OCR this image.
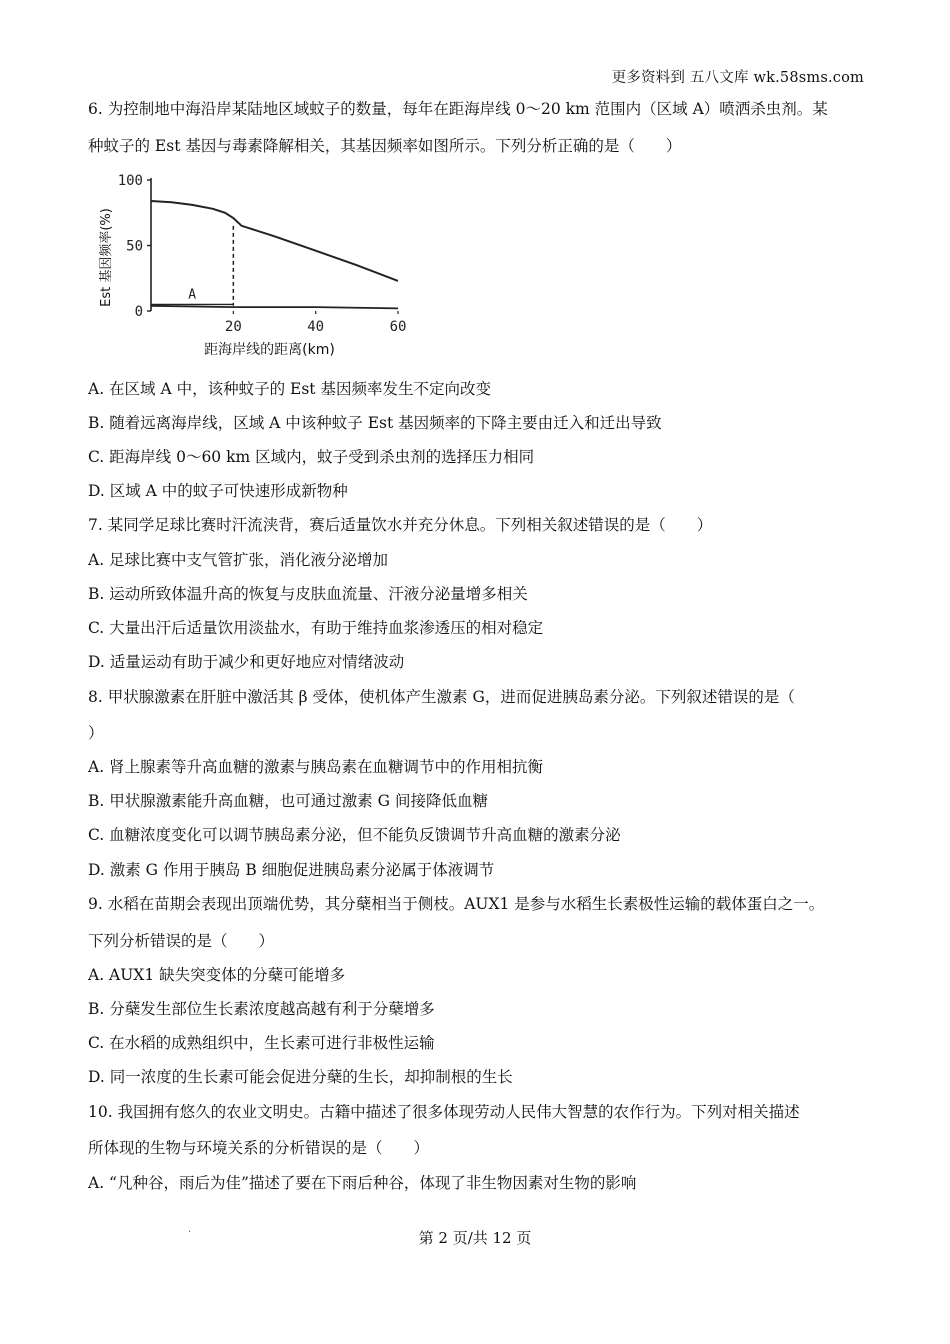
更多资料到 五八文库 wk.58sms.com
6. 为控制地中海沿岸某陆地区域蚊子的数量，每年在距海岸线 0～20 km 范围内（区域 A）喷洒杀虫剂。某
种蚊子的 Est 基因与毒素降解相关，其基因频率如图所示。下列分析正确的是（　　）
0
50
100
20	40	60
A
距海岸线的距离(km)
Est 基因频率(%)
A. 在区域 A 中，该种蚊子的 Est 基因频率发生不定向改变
B. 随着远离海岸线，区域 A 中该种蚊子 Est 基因频率的下降主要由迁入和迁出导致
C. 距海岸线 0～60 km 区域内，蚊子受到杀虫剂的选择压力相同
D. 区域 A 中的蚊子可快速形成新物种
7. 某同学足球比赛时汗流浃背，赛后适量饮水并充分休息。下列相关叙述错误的是（　　）
A. 足球比赛中支气管扩张，消化液分泌增加
B. 运动所致体温升高的恢复与皮肤血流量、汗液分泌量增多相关
C. 大量出汗后适量饮用淡盐水，有助于维持血浆渗透压的相对稳定
D. 适量运动有助于减少和更好地应对情绪波动
8. 甲状腺激素在肝脏中激活其 β 受体，使机体产生激素 G，进而促进胰岛素分泌。下列叙述错误的是（
）
A. 肾上腺素等升高血糖的激素与胰岛素在血糖调节中的作用相抗衡
B. 甲状腺激素能升高血糖，也可通过激素 G 间接降低血糖
C. 血糖浓度变化可以调节胰岛素分泌，但不能负反馈调节升高血糖的激素分泌
D. 激素 G 作用于胰岛 B 细胞促进胰岛素分泌属于体液调节
9. 水稻在苗期会表现出顶端优势，其分蘖相当于侧枝。AUX1 是参与水稻生长素极性运输的载体蛋白之一。
下列分析错误的是（　　）
A. AUX1 缺失突变体的分蘖可能增多
B. 分蘖发生部位生长素浓度越高越有利于分蘖增多
C. 在水稻的成熟组织中，生长素可进行非极性运输
D. 同一浓度的生长素可能会促进分蘖的生长，却抑制根的生长
10. 我国拥有悠久的农业文明史。古籍中描述了很多体现劳动人民伟大智慧的农作行为。下列对相关描述
所体现的生物与环境关系的分析错误的是（　　）
A. “凡种谷，雨后为佳”描述了要在下雨后种谷，体现了非生物因素对生物的影响
.	第 2 页/共 12 页
